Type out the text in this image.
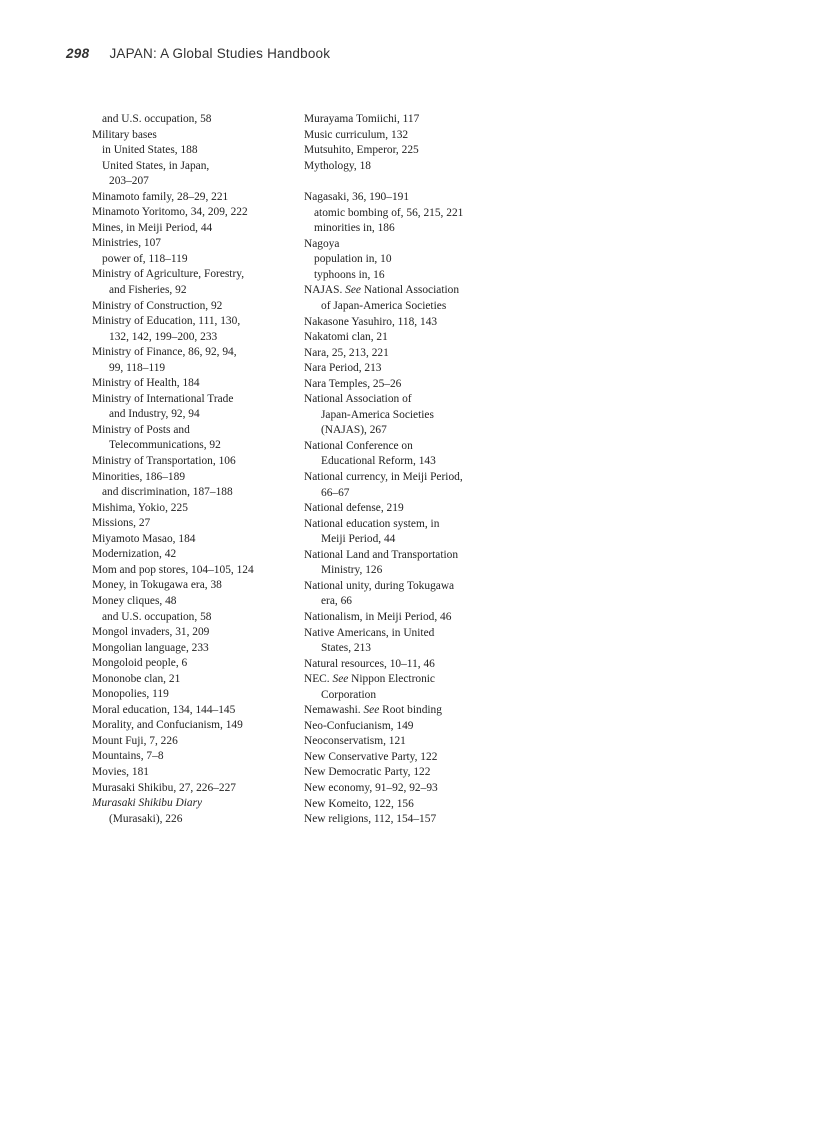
298 JAPAN: A Global Studies Handbook
and U.S. occupation, 58
Military bases
in United States, 188
United States, in Japan,
203–207
Minamoto family, 28–29, 221
Minamoto Yoritomo, 34, 209, 222
Mines, in Meiji Period, 44
Ministries, 107
power of, 118–119
Ministry of Agriculture, Forestry,
and Fisheries, 92
Ministry of Construction, 92
Ministry of Education, 111, 130,
132, 142, 199–200, 233
Ministry of Finance, 86, 92, 94,
99, 118–119
Ministry of Health, 184
Ministry of International Trade
and Industry, 92, 94
Ministry of Posts and
Telecommunications, 92
Ministry of Transportation, 106
Minorities, 186–189
and discrimination, 187–188
Mishima, Yokio, 225
Missions, 27
Miyamoto Masao, 184
Modernization, 42
Mom and pop stores, 104–105, 124
Money, in Tokugawa era, 38
Money cliques, 48
and U.S. occupation, 58
Mongol invaders, 31, 209
Mongolian language, 233
Mongoloid people, 6
Mononobe clan, 21
Monopolies, 119
Moral education, 134, 144–145
Morality, and Confucianism, 149
Mount Fuji, 7, 226
Mountains, 7–8
Movies, 181
Murasaki Shikibu, 27, 226–227
Murasaki Shikibu Diary
(Murasaki), 226
Murayama Tomiichi, 117
Music curriculum, 132
Mutsuhito, Emperor, 225
Mythology, 18
Nagasaki, 36, 190–191
atomic bombing of, 56, 215, 221
minorities in, 186
Nagoya
population in, 10
typhoons in, 16
NAJAS. See National Association
of Japan-America Societies
Nakasone Yasuhiro, 118, 143
Nakatomi clan, 21
Nara, 25, 213, 221
Nara Period, 213
Nara Temples, 25–26
National Association of
Japan-America Societies
(NAJAS), 267
National Conference on
Educational Reform, 143
National currency, in Meiji Period,
66–67
National defense, 219
National education system, in
Meiji Period, 44
National Land and Transportation
Ministry, 126
National unity, during Tokugawa
era, 66
Nationalism, in Meiji Period, 46
Native Americans, in United
States, 213
Natural resources, 10–11, 46
NEC. See Nippon Electronic
Corporation
Nemawashi. See Root binding
Neo-Confucianism, 149
Neoconservatism, 121
New Conservative Party, 122
New Democratic Party, 122
New economy, 91–92, 92–93
New Komeito, 122, 156
New religions, 112, 154–157
